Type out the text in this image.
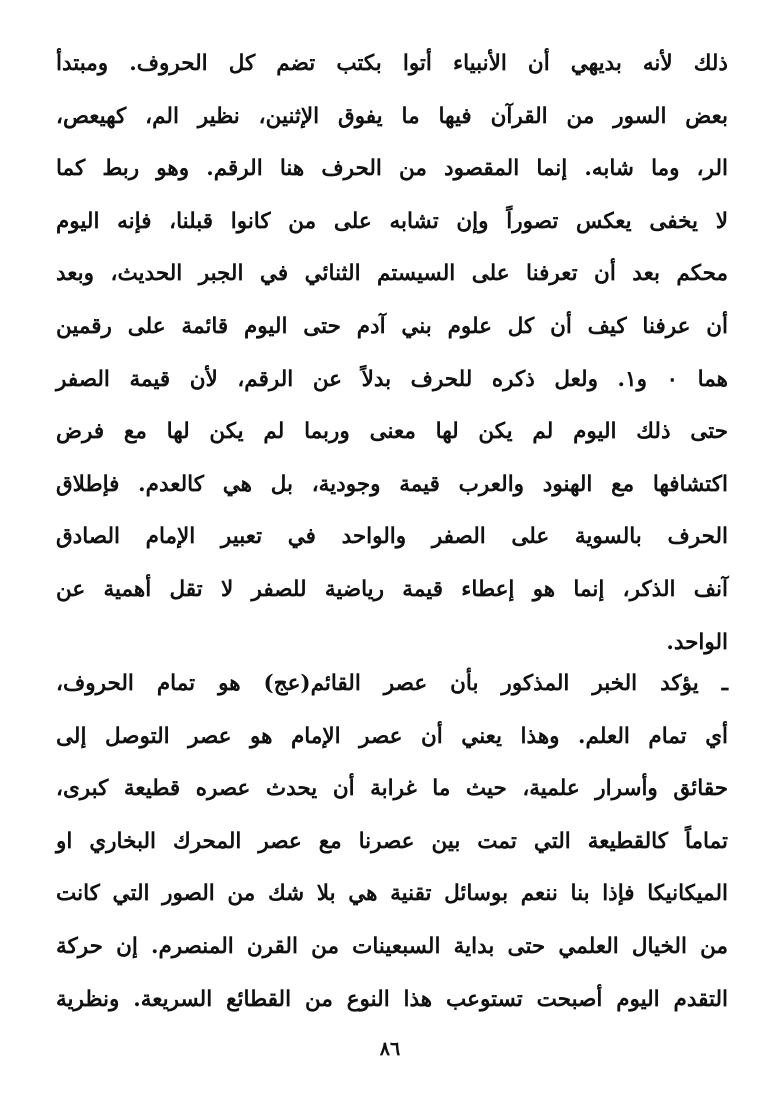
ذلك لأنه بديهي أن الأنبياء أتوا بكتب تضم كل الحروف. ومبتدأ
بعض السور من القرآن فيها ما يفوق الإثنين، نظير الم، كهيعص،
الر، وما شابه. إنما المقصود من الحرف هنا الرقم. وهو ربط كما
لا يخفى يعكس تصوراً وإن تشابه على من كانوا قبلنا، فإنه اليوم
محكم بعد أن تعرفنا على السيستم الثنائي في الجبر الحديث، وبعد
أن عرفنا كيف أن كل علوم بني آدم حتى اليوم قائمة على رقمين
هما ٠ و١. ولعل ذكره للحرف بدلاً عن الرقم، لأن قيمة الصفر
حتى ذلك اليوم لم يكن لها معنى وربما لم يكن لها مع فرض
اكتشافها مع الهنود والعرب قيمة وجودية، بل هي كالعدم. فإطلاق
الحرف بالسوية على الصفر والواحد في تعبير الإمام الصادق
آنف الذكر، إنما هو إعطاء قيمة رياضية للصفر لا تقل أهمية عن
الواحد.
ـ يؤكد الخبر المذكور بأن عصر القائم(عج) هو تمام الحروف،
أي تمام العلم. وهذا يعني أن عصر الإمام هو عصر التوصل إلى
حقائق وأسرار علمية، حيث ما غرابة أن يحدث عصره قطيعة كبرى،
تماماً كالقطيعة التي تمت بين عصرنا مع عصر المحرك البخاري او
الميكانيكا فإذا بنا ننعم بوسائل تقنية هي بلا شك من الصور التي كانت
من الخيال العلمي حتى بداية السبعينات من القرن المنصرم. إن حركة
التقدم اليوم أصبحت تستوعب هذا النوع من القطائع السريعة. ونظرية
٨٦
